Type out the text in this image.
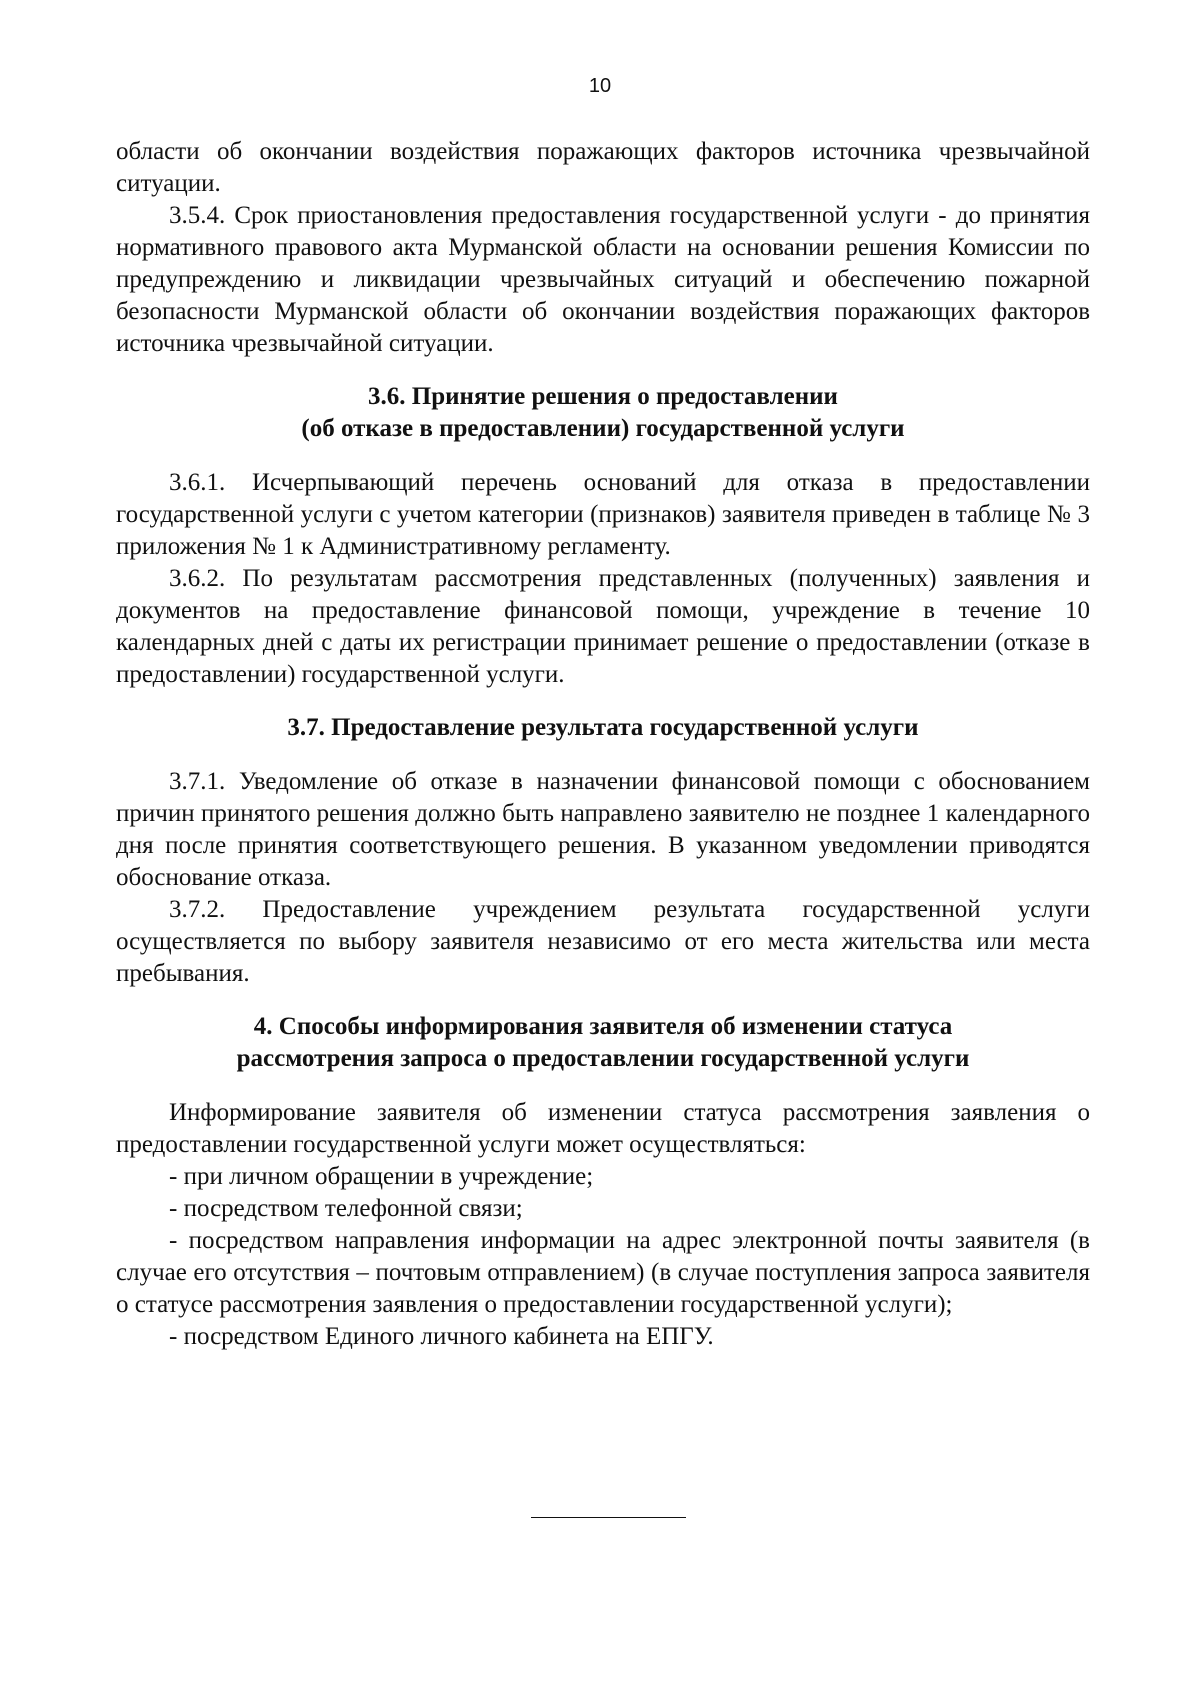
10

области об окончании воздействия поражающих факторов источника чрезвычайной ситуации.

3.5.4. Срок приостановления предоставления государственной услуги - до принятия нормативного правового акта Мурманской области на основании решения Комиссии по предупреждению и ликвидации чрезвычайных ситуаций и обеспечению пожарной безопасности Мурманской области об окончании воздействия поражающих факторов источника чрезвычайной ситуации.

3.6. Принятие решения о предоставлении

(об отказе в предоставлении) государственной услуги

3.6.1. Исчерпывающий перечень оснований для отказа в предоставлении государственной услуги с учетом категории (признаков) заявителя приведен в таблице № 3 приложения № 1 к Административному регламенту.

3.6.2. По результатам рассмотрения представленных (полученных) заявления и документов на предоставление финансовой помощи, учреждение в течение 10 календарных дней с даты их регистрации принимает решение о предоставлении (отказе в предоставлении) государственной услуги.

3.7. Предоставление результата государственной услуги

3.7.1. Уведомление об отказе в назначении финансовой помощи с обоснованием причин принятого решения должно быть направлено заявителю не позднее 1 календарного дня после принятия соответствующего решения. В указанном уведомлении приводятся обоснование отказа.

3.7.2. Предоставление учреждением результата государственной услуги осуществляется по выбору заявителя независимо от его места жительства или места пребывания.

4. Способы информирования заявителя об изменении статуса

рассмотрения запроса о предоставлении государственной услуги

Информирование заявителя об изменении статуса рассмотрения заявления о предоставлении государственной услуги может осуществляться:

- при личном обращении в учреждение;

- посредством телефонной связи;

- посредством направления информации на адрес электронной почты заявителя (в случае его отсутствия – почтовым отправлением) (в случае поступления запроса заявителя о статусе рассмотрения заявления о предоставлении государственной услуги);

- посредством Единого личного кабинета на ЕПГУ.
